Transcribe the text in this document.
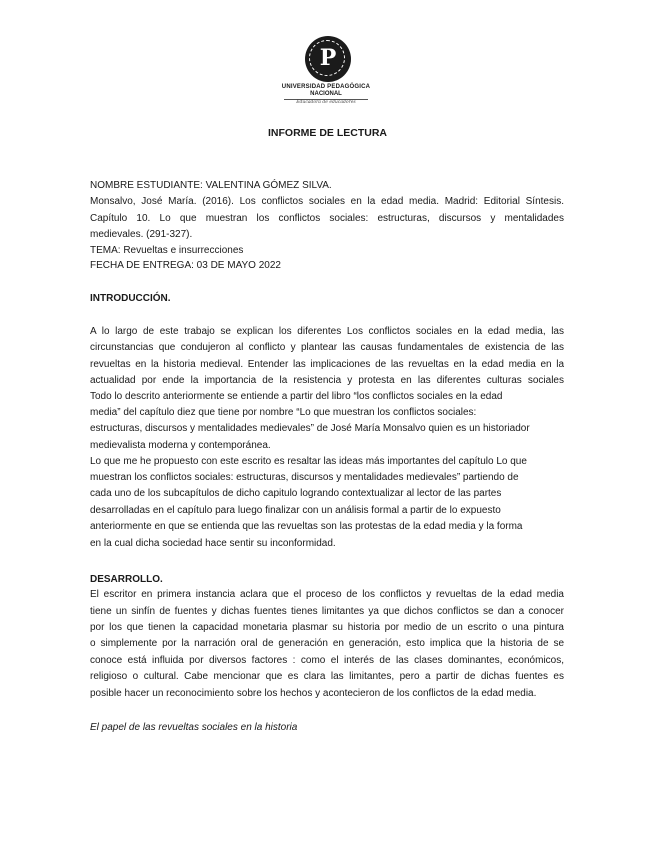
P
UNIVERSIDAD PEDAGÓGICA
NACIONAL
Educadora de educadores
INFORME DE LECTURA
NOMBRE ESTUDIANTE: VALENTINA GÓMEZ SILVA.
Monsalvo, José María. (2016). Los conflictos sociales en la edad media. Madrid: Editorial Síntesis.
Capítulo 10. Lo que muestran los conflictos sociales: estructuras, discursos y mentalidades
medievales. (291-327).
TEMA: Revueltas e insurrecciones
FECHA DE ENTREGA: 03 DE MAYO 2022
INTRODUCCIÓN.
A lo largo de este trabajo se explican los diferentes Los conflictos sociales en la edad media, las
circunstancias que condujeron al conflicto y plantear las causas fundamentales de existencia de las
revueltas en la historia medieval. Entender las implicaciones de las revueltas en la edad media en la
actualidad por ende la importancia de la resistencia y protesta en las diferentes culturas sociales
Todo lo descrito anteriormente se entiende a partir del libro “los conflictos sociales en la edad
media” del capítulo diez que tiene por nombre “Lo que muestran los conflictos sociales:
estructuras, discursos y mentalidades medievales” de José María Monsalvo quien es un historiador
medievalista moderna y contemporánea.
Lo que me he propuesto con este escrito es resaltar las ideas más importantes del capítulo Lo que
muestran los conflictos sociales: estructuras, discursos y mentalidades medievales” partiendo de
cada uno de los subcapítulos de dicho capitulo logrando contextualizar al lector de las partes
desarrolladas en el capítulo para luego finalizar con un análisis formal a partir de lo expuesto
anteriormente en que se entienda que las revueltas son las protestas de la edad media y la forma
en la cual dicha sociedad hace sentir su inconformidad.
DESARROLLO.
El escritor en primera instancia aclara que el proceso de los conflictos y revueltas de la edad media
tiene un sinfín de fuentes y dichas fuentes tienes limitantes ya que dichos conflictos se dan a conocer
por los que tienen la capacidad monetaria plasmar su historia por medio de un escrito o una pintura
o simplemente por la narración oral de generación en generación, esto implica que la historia de se
conoce está influida por diversos factores : como el interés de las clases dominantes, económicos,
religioso o cultural. Cabe mencionar que es clara las limitantes, pero a partir de dichas fuentes es
posible hacer un reconocimiento sobre los hechos y acontecieron de los conflictos de la edad media.
El papel de las revueltas sociales en la historia
